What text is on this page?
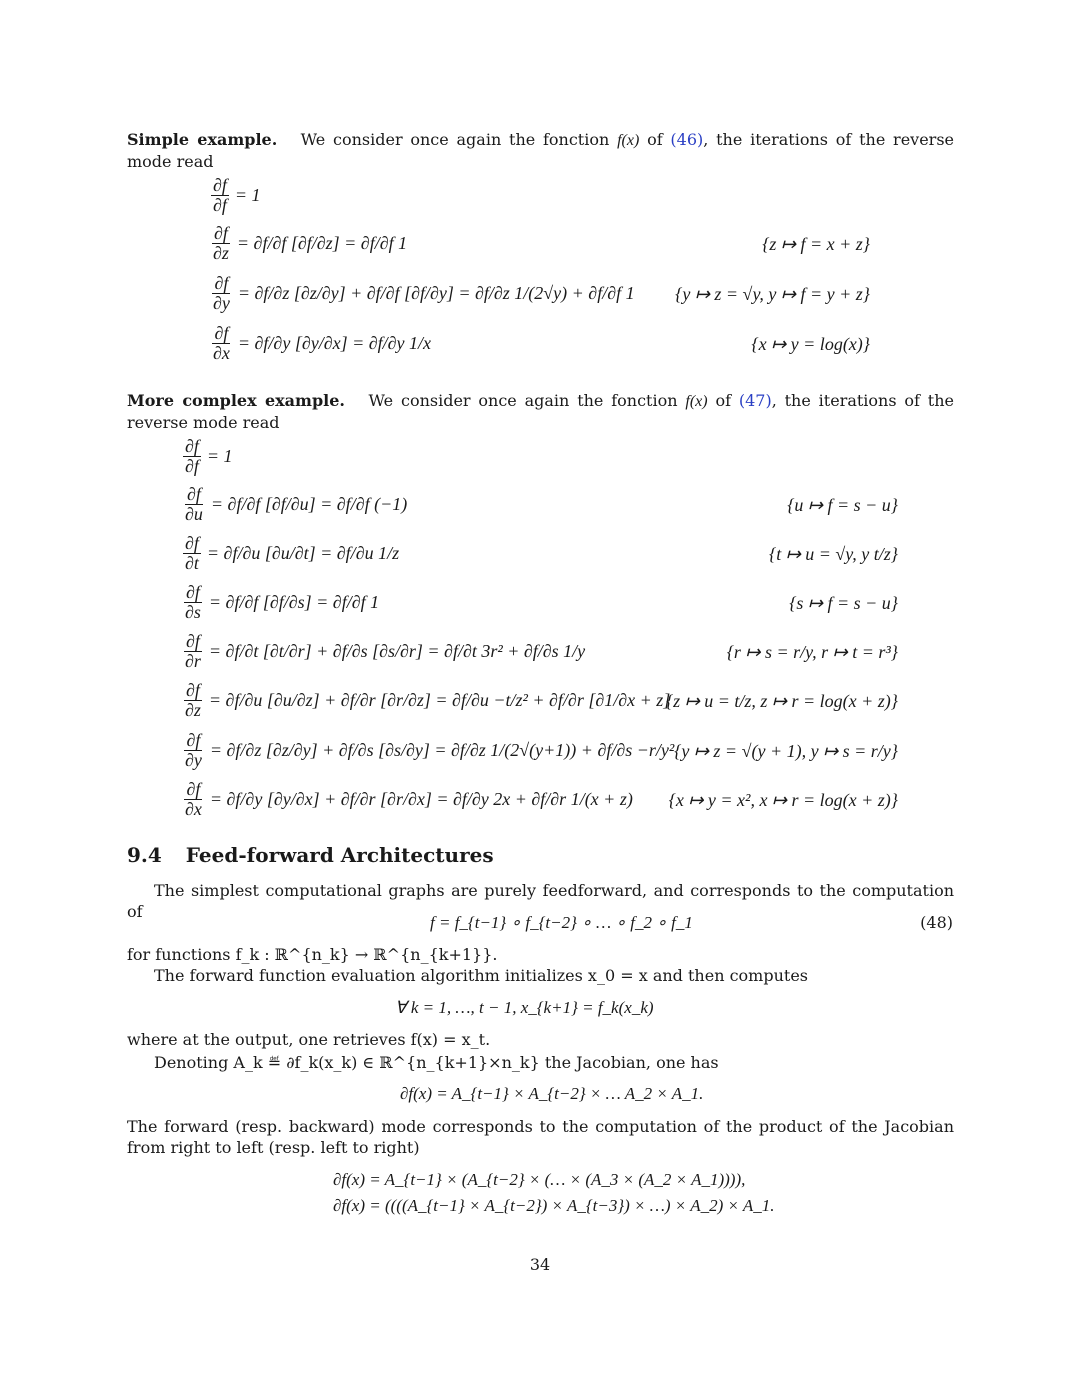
Simple example. We consider once again the fonction f(x) of (46), the iterations of the reverse mode read
$\frac{\partial f}{\partial f} = 1$
$\frac{\partial f}{\partial z} = \partial f/\partial f$ [∂f/∂z] = ∂f/∂f 1	{z ↦ f = x + z}
$\frac{\partial f}{\partial y} = \partial f/\partial z$ [∂z/∂y] + ∂f/∂f [∂f/∂y] = ∂f/∂z 1/(2√y) + ∂f/∂f 1 {y ↦ z = √y, y ↦ f = y + z}
$\frac{\partial f}{\partial x} = \partial f/\partial y$ [∂y/∂x] = ∂f/∂y 1/x	{x ↦ y = log(x)}
More complex example. We consider once again the fonction f(x) of (47), the iterations of the reverse mode read
$\frac{\partial f}{\partial f} = 1$
$\frac{\partial f}{\partial u} = \partial f/\partial f$ [∂f/∂u] = ∂f/∂f (−1)	{u ↦ f = s − u}
$\frac{\partial f}{\partial t} = \partial f/\partial u$ [∂u/∂t] = ∂f/∂u 1/z	{t ↦ u = √y, y t/z}
$\frac{\partial f}{\partial s} = \partial f/\partial f$ [∂f/∂s] = ∂f/∂f 1	{s ↦ f = s − u}
$\frac{\partial f}{\partial r} = \partial f/\partial t$ [∂t/∂r] + ∂f/∂s [∂s/∂r] = ∂f/∂t 3r² + ∂f/∂s 1/y	{r ↦ s = r/y, r ↦ t = r³}
$\frac{\partial f}{\partial z} = \partial f/\partial u$ [∂u/∂z] + ∂f/∂r [∂r/∂z] = ∂f/∂u −t/z² + ∂f/∂r [∂1/∂x + z]
{z ↦ u = t/z, z ↦ r = log(x + z)}
$\frac{\partial f}{\partial y} = \partial f/\partial z$ [∂z/∂y] + ∂f/∂s [∂s/∂y] = ∂f/∂z 1/(2√(y+1)) + ∂f/∂s −r/y² {y ↦ z = √(y + 1), y ↦ s = r/y}
$\frac{\partial f}{\partial x} = \partial f/\partial y$ [∂y/∂x] + ∂f/∂r [∂r/∂x] = ∂f/∂y 2x + ∂f/∂r 1/(x + z) {x ↦ y = x², x ↦ r = log(x + z)}
9.4 Feed-forward Architectures
The simplest computational graphs are purely feedforward, and corresponds to the computation of
f = f_{t−1} ∘ f_{t−2} ∘ … ∘ f_2 ∘ f_1	(48)
for functions f_k : ℝ^{n_k} → ℝ^{n_{k+1}}.
The forward function evaluation algorithm initializes x_0 = x and then computes
∀ k = 1, …, t − 1, x_{k+1} = f_k(x_k)
where at the output, one retrieves f(x) = x_t.
Denoting A_k ≝ ∂f_k(x_k) ∈ ℝ^{n_{k+1}×n_k} the Jacobian, one has
∂f(x) = A_{t−1} × A_{t−2} × … A_2 × A_1.
The forward (resp. backward) mode corresponds to the computation of the product of the Jacobian from right to left (resp. left to right)
∂f(x) = A_{t−1} × (A_{t−2} × (… × (A_3 × (A_2 × A_1)))),
∂f(x) = ((((A_{t−1} × A_{t−2}) × A_{t−3}) × …) × A_2) × A_1.
34
